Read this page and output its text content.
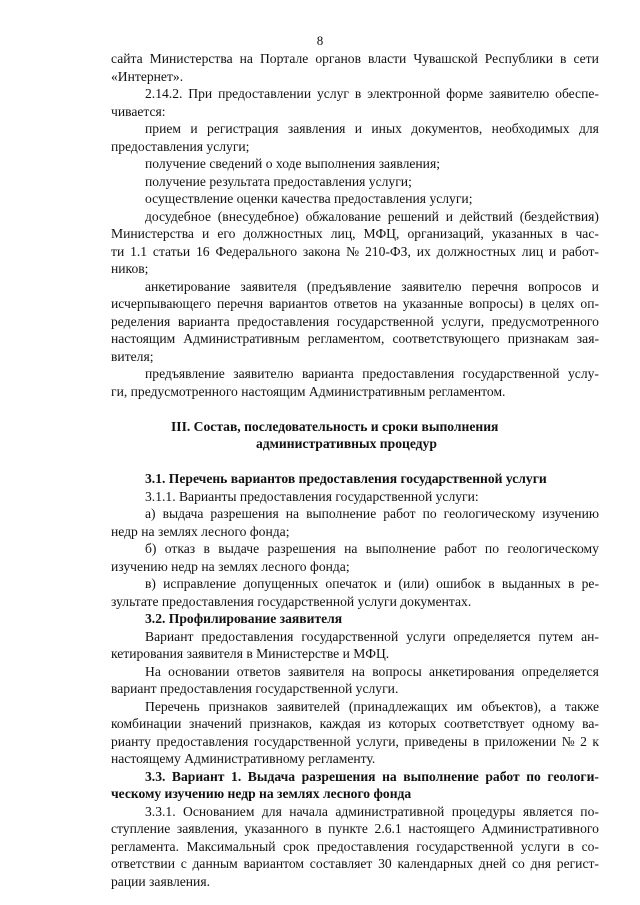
8
сайта Министерства на Портале органов власти Чувашской Республики в сети
«Интернет».
2.14.2. При предоставлении услуг в электронной форме заявителю обеспе-
чивается:
прием и регистрация заявления и иных документов, необходимых для
предоставления услуги;
получение сведений о ходе выполнения заявления;
получение результата предоставления услуги;
осуществление оценки качества предоставления услуги;
досудебное (внесудебное) обжалование решений и действий (бездействия)
Министерства и его должностных лиц, МФЦ, организаций, указанных в час-
ти 1.1 статьи 16 Федерального закона № 210-ФЗ, их должностных лиц и работ-
ников;
анкетирование заявителя (предъявление заявителю перечня вопросов и
исчерпывающего перечня вариантов ответов на указанные вопросы) в целях оп-
ределения варианта предоставления государственной услуги, предусмотренного
настоящим Административным регламентом, соответствующего признакам зая-
вителя;
предъявление заявителю варианта предоставления государственной услу-
ги, предусмотренного настоящим Административным регламентом.
III. Состав, последовательность и сроки выполнения
административных процедур
3.1. Перечень вариантов предоставления государственной услуги
3.1.1. Варианты предоставления государственной услуги:
а) выдача разрешения на выполнение работ по геологическому изучению
недр на землях лесного фонда;
б) отказ в выдаче разрешения на выполнение работ по геологическому
изучению недр на землях лесного фонда;
в) исправление допущенных опечаток и (или) ошибок в выданных в ре-
зультате предоставления государственной услуги документах.
3.2. Профилирование заявителя
Вариант предоставления государственной услуги определяется путем ан-
кетирования заявителя в Министерстве и МФЦ.
На основании ответов заявителя на вопросы анкетирования определяется
вариант предоставления государственной услуги.
Перечень признаков заявителей (принадлежащих им объектов), а также
комбинации значений признаков, каждая из которых соответствует одному ва-
рианту предоставления государственной услуги, приведены в приложении № 2 к
настоящему Административному регламенту.
3.3. Вариант 1. Выдача разрешения на выполнение работ по геологи-
ческому изучению недр на землях лесного фонда
3.3.1. Основанием для начала административной процедуры является по-
ступление заявления, указанного в пункте 2.6.1 настоящего Административного
регламента. Максимальный срок предоставления государственной услуги в со-
ответствии с данным вариантом составляет 30 календарных дней со дня регист-
рации заявления.
